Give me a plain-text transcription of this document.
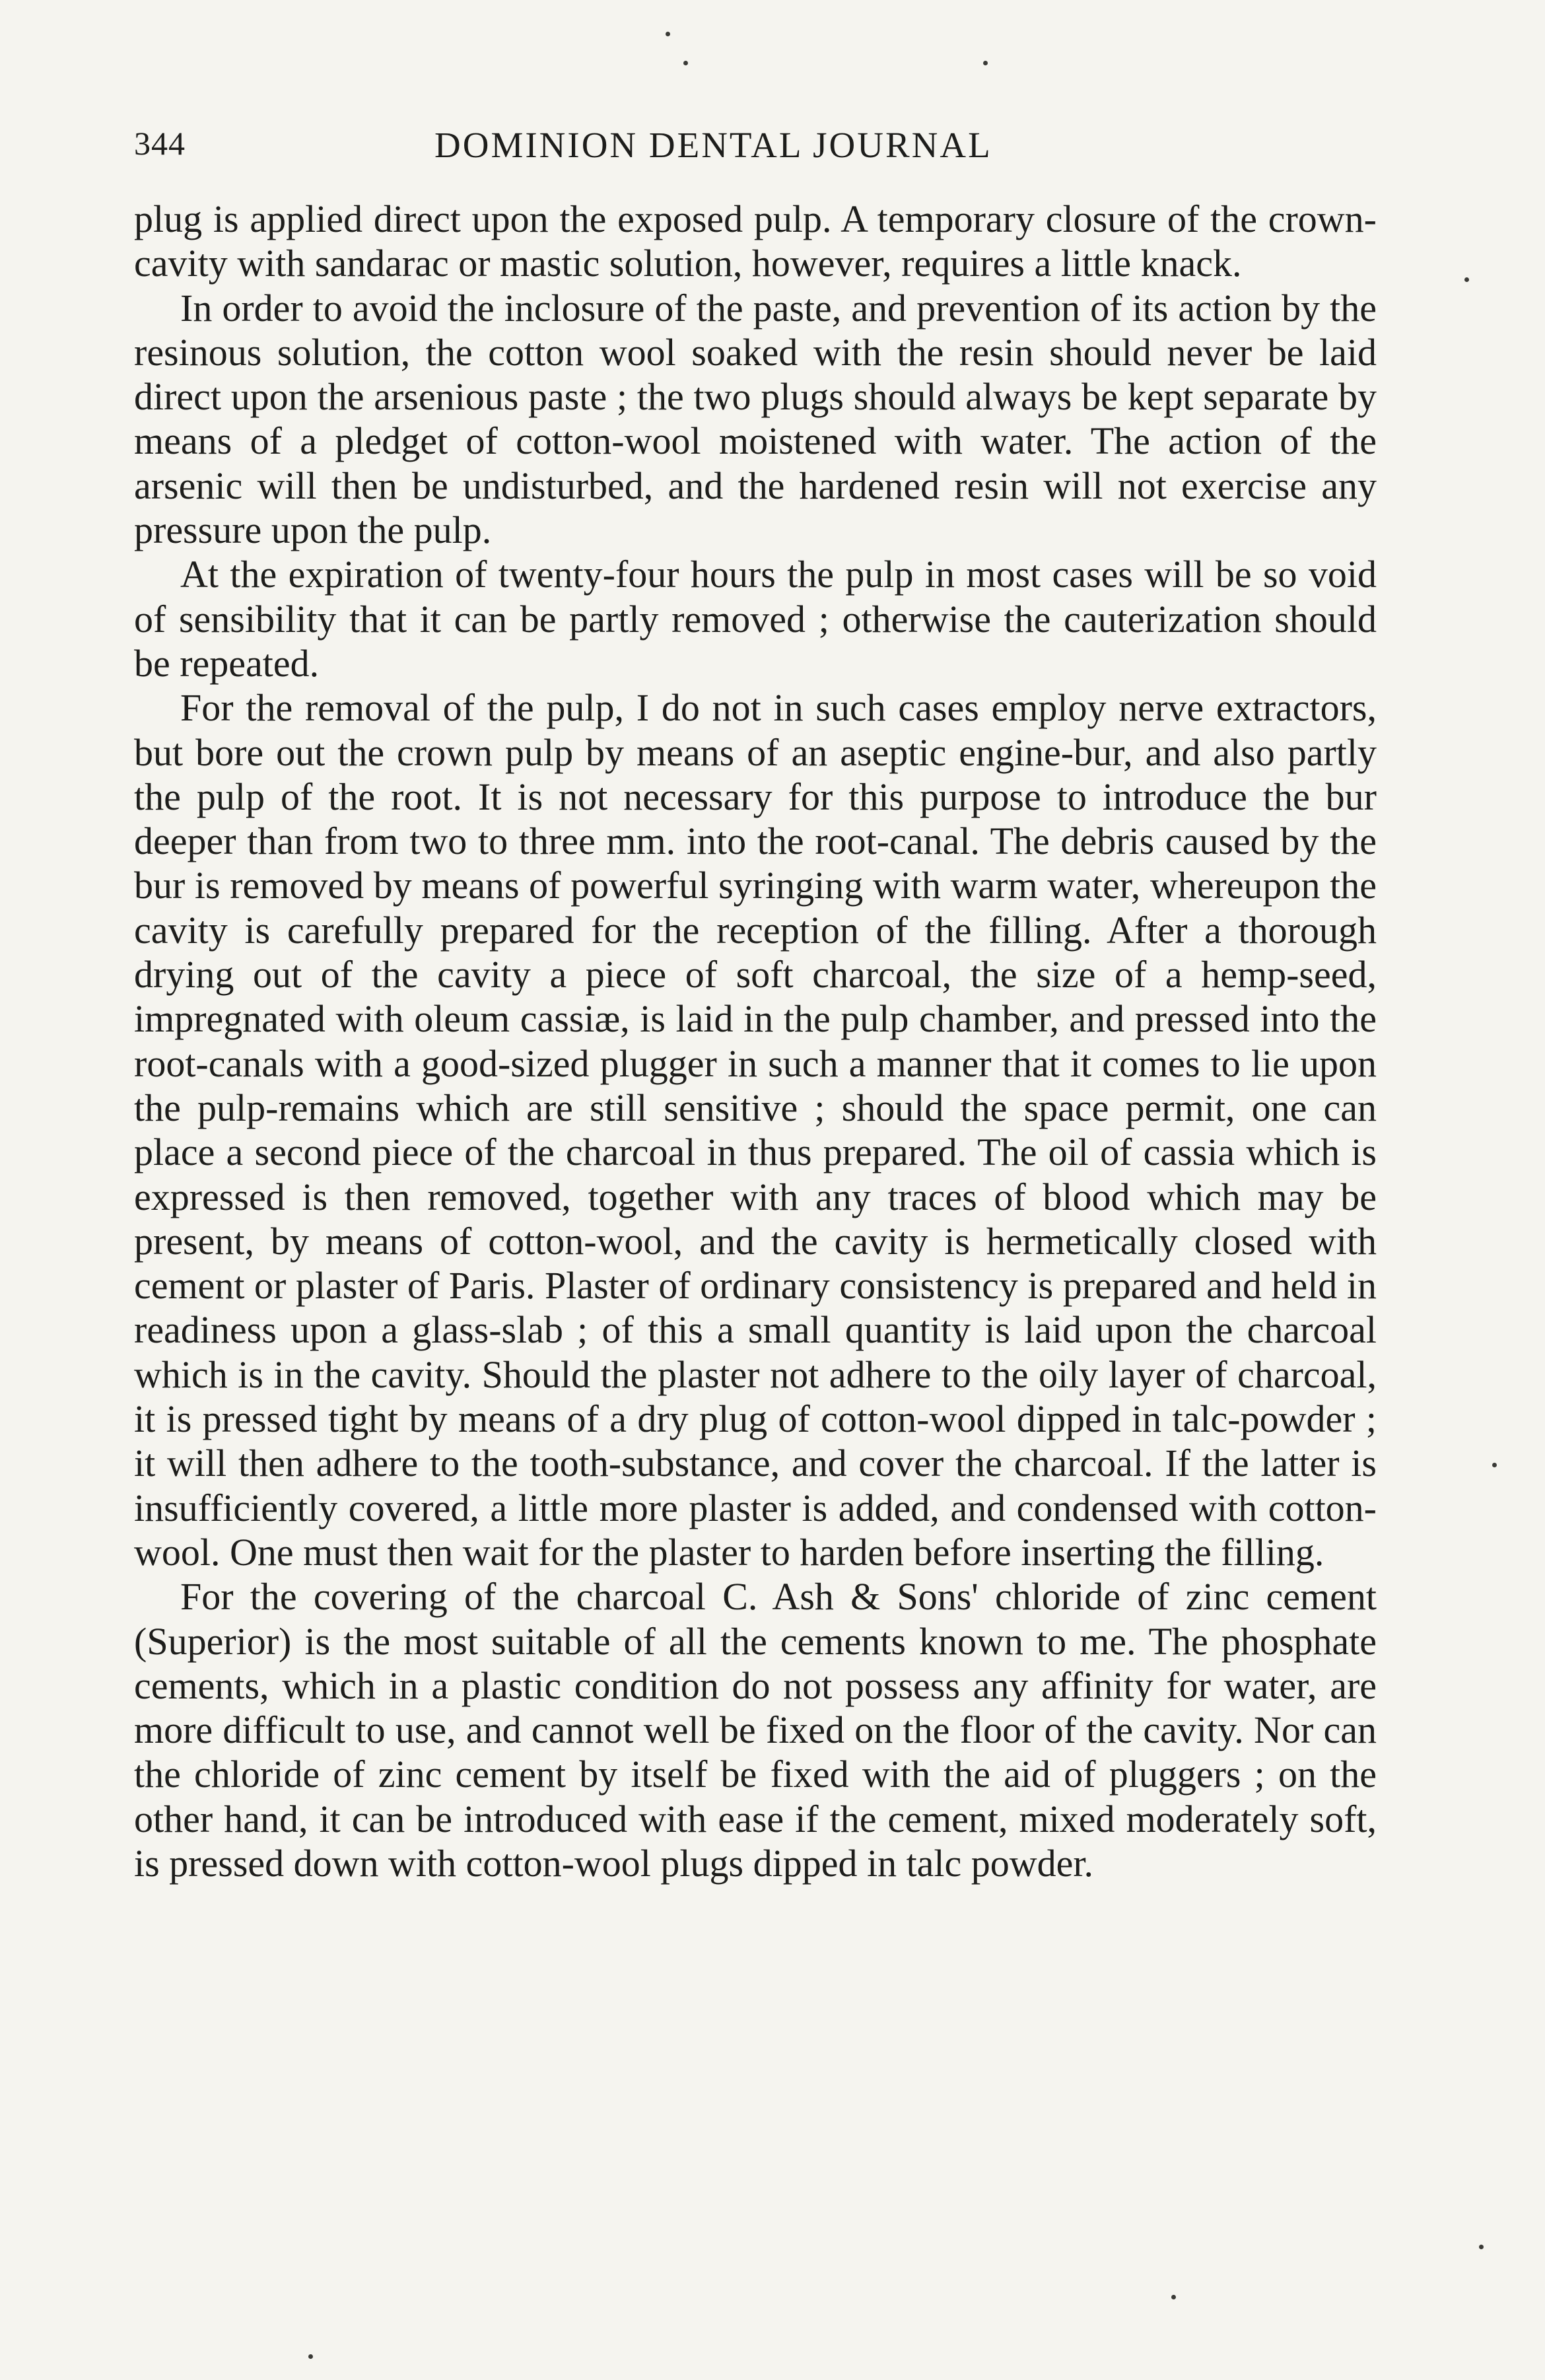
344	DOMINION DENTAL JOURNAL

plug is applied direct upon the exposed pulp. A temporary closure of the crown-cavity with sandarac or mastic solution, however, requires a little knack.

In order to avoid the inclosure of the paste, and prevention of its action by the resinous solution, the cotton wool soaked with the resin should never be laid direct upon the arsenious paste ; the two plugs should always be kept separate by means of a pledget of cotton-wool moistened with water. The action of the arsenic will then be undisturbed, and the hardened resin will not exercise any pressure upon the pulp.

At the expiration of twenty-four hours the pulp in most cases will be so void of sensibility that it can be partly removed ; otherwise the cauterization should be repeated.

For the removal of the pulp, I do not in such cases employ nerve extractors, but bore out the crown pulp by means of an aseptic engine-bur, and also partly the pulp of the root. It is not necessary for this purpose to introduce the bur deeper than from two to three mm. into the root-canal. The debris caused by the bur is removed by means of powerful syringing with warm water, whereupon the cavity is carefully prepared for the reception of the filling. After a thorough drying out of the cavity a piece of soft charcoal, the size of a hemp-seed, impregnated with oleum cassiæ, is laid in the pulp chamber, and pressed into the root-canals with a good-sized plugger in such a manner that it comes to lie upon the pulp-remains which are still sensitive ; should the space permit, one can place a second piece of the charcoal in thus prepared. The oil of cassia which is expressed is then removed, together with any traces of blood which may be present, by means of cotton-wool, and the cavity is hermetically closed with cement or plaster of Paris. Plaster of ordinary consistency is prepared and held in readiness upon a glass-slab ; of this a small quantity is laid upon the charcoal which is in the cavity. Should the plaster not adhere to the oily layer of charcoal, it is pressed tight by means of a dry plug of cotton-wool dipped in talc-powder ; it will then adhere to the tooth-substance, and cover the charcoal. If the latter is insufficiently covered, a little more plaster is added, and condensed with cotton-wool. One must then wait for the plaster to harden before inserting the filling.

For the covering of the charcoal C. Ash & Sons' chloride of zinc cement (Superior) is the most suitable of all the cements known to me. The phosphate cements, which in a plastic condition do not possess any affinity for water, are more difficult to use, and cannot well be fixed on the floor of the cavity. Nor can the chloride of zinc cement by itself be fixed with the aid of pluggers ; on the other hand, it can be introduced with ease if the cement, mixed moderately soft, is pressed down with cotton-wool plugs dipped in talc powder.
